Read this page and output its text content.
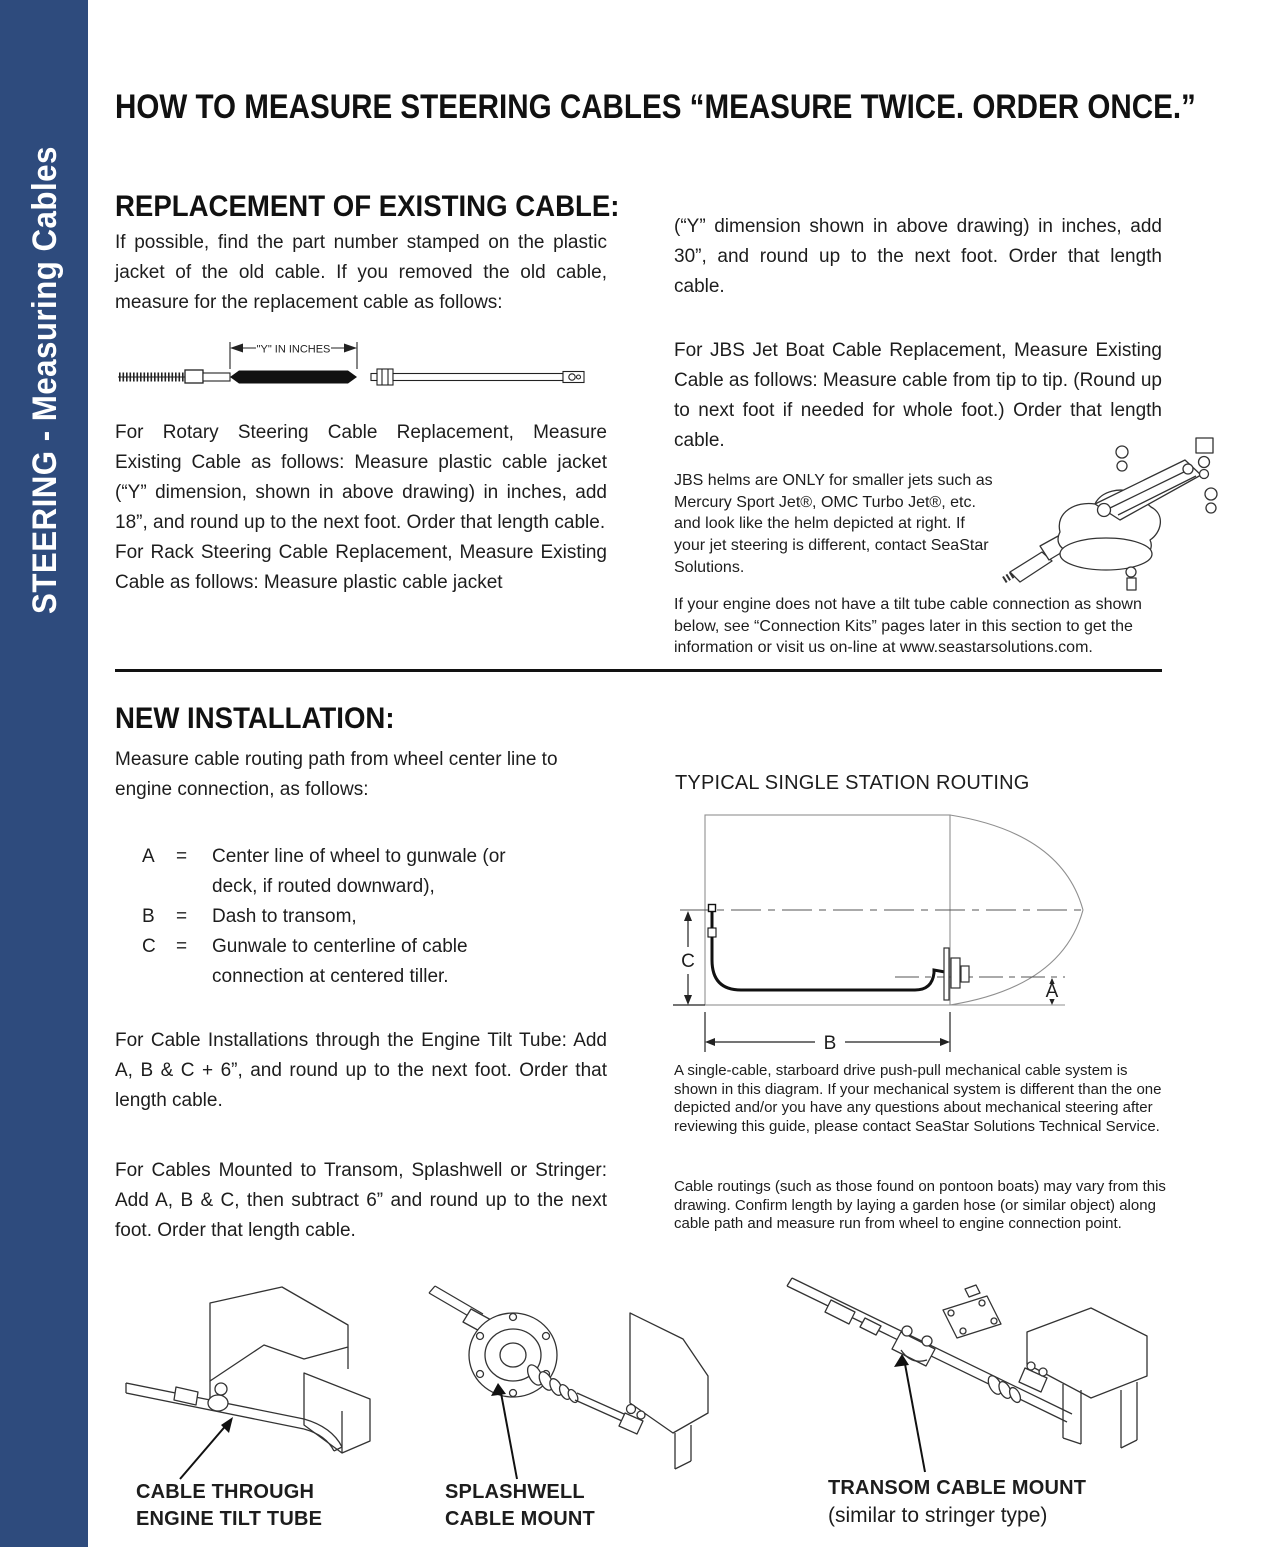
STEERING - Measuring Cables
HOW TO MEASURE STEERING CABLES “MEASURE TWICE. ORDER ONCE.”
REPLACEMENT OF EXISTING CABLE:
If possible, find the part number stamped on the plastic jacket of the old cable. If you removed the old cable, measure for the replacement cable as follows:
"Y" IN INCHES

For Rotary Steering Cable Replacement, Measure Existing Cable as follows: Measure plastic cable jacket (“Y” dimension, shown in above drawing) in inches, add 18”, and round up to the next foot. Order that length cable.

For Rack Steering Cable Replacement, Measure Existing Cable as follows: Measure plastic cable jacket

(“Y” dimension shown in above drawing) in inches, add 30”, and round up to the next foot. Order that length cable.
For JBS Jet Boat Cable Replacement, Measure Existing Cable as follows: Measure cable from tip to tip. (Round up to next foot if needed for whole foot.) Order that length cable.
JBS helms are ONLY for smaller jets such as Mercury Sport Jet®, OMC Turbo Jet®, etc. and look like the helm depicted at right. If your jet steering is different, contact SeaStar Solutions.
If your engine does not have a tilt tube cable connection as shown below, see “Connection Kits” pages later in this section to get the information or visit us on-line at www.seastarsolutions.com.
NEW INSTALLATION:
Measure cable routing path from wheel center line to engine connection, as follows:
A	=	Center line of wheel to gunwale (or deck, if routed downward),
B	=	Dash to transom,
C	=	Gunwale to centerline of cable connection at centered tiller.
For Cable Installations through the Engine Tilt Tube: Add A, B & C + 6”, and round up to the next foot. Order that length cable.
For Cables Mounted to Transom, Splashwell or Stringer: Add A, B & C, then subtract 6” and round up to the next foot. Order that length cable.
TYPICAL SINGLE STATION ROUTING
C
A
B
A single-cable, starboard drive push-pull mechanical cable system is shown in this diagram. If your mechanical system is different than the one depicted and/or you have any questions about mechanical steering after reviewing this guide, please contact SeaStar Solutions Technical Service.
Cable routings (such as those found on pontoon boats) may vary from this drawing. Confirm length by laying a garden hose (or similar object) along cable path and measure run from wheel to engine connection point.
CABLE THROUGH
ENGINE TILT TUBE
SPLASHWELL
CABLE MOUNT
TRANSOM CABLE MOUNT
(similar to stringer type)
